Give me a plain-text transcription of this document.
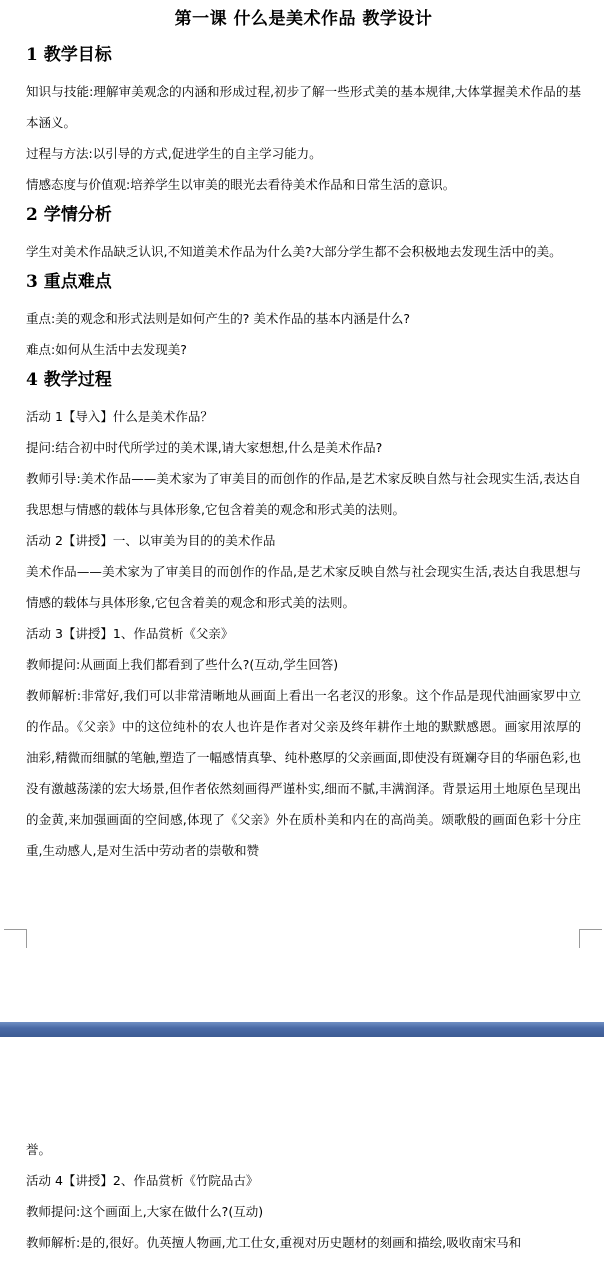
第一课 什么是美术作品 教学设计
1 教学目标

知识与技能:理解审美观念的内涵和形成过程,初步了解一些形式美的基本规律,大体掌握美术作品的基本涵义。

过程与方法:以引导的方式,促进学生的自主学习能力。

情感态度与价值观:培养学生以审美的眼光去看待美术作品和日常生活的意识。

2 学情分析

学生对美术作品缺乏认识,不知道美术作品为什么美?大部分学生都不会积极地去发现生活中的美。

3 重点难点

重点:美的观念和形式法则是如何产生的? 美术作品的基本内涵是什么?

难点:如何从生活中去发现美?

4 教学过程

活动 1【导入】什么是美术作品？

提问:结合初中时代所学过的美术课,请大家想想,什么是美术作品?

教师引导:美术作品——美术家为了审美目的而创作的作品,是艺术家反映自然与社会现实生活,表达自我思想与情感的载体与具体形象,它包含着美的观念和形式美的法则。

活动 2【讲授】一、以审美为目的的美术作品

美术作品——美术家为了审美目的而创作的作品,是艺术家反映自然与社会现实生活,表达自我思想与情感的载体与具体形象,它包含着美的观念和形式美的法则。

活动 3【讲授】1、作品赏析《父亲》

教师提问:从画面上我们都看到了些什么?(互动,学生回答)

教师解析:非常好,我们可以非常清晰地从画面上看出一名老汉的形象。这个作品是现代油画家罗中立的作品。《父亲》中的这位纯朴的农人也许是作者对父亲及终年耕作土地的默默感恩。画家用浓厚的油彩,精微而细腻的笔触,塑造了一幅感情真挚、纯朴憨厚的父亲画面,即使没有斑斓夺目的华丽色彩,也没有激越荡漾的宏大场景,但作者依然刻画得严谨朴实,细而不腻,丰满润泽。背景运用土地原色呈现出的金黄,来加强画面的空间感,体现了《父亲》外在质朴美和内在的高尚美。颂歌般的画面色彩十分庄重,生动感人,是对生活中劳动者的崇敬和赞

誉。

活动 4【讲授】2、作品赏析《竹院品古》

教师提问:这个画面上,大家在做什么?(互动)

教师解析:是的,很好。仇英擅人物画,尤工仕女,重视对历史题材的刻画和描绘,吸收南宋马和
